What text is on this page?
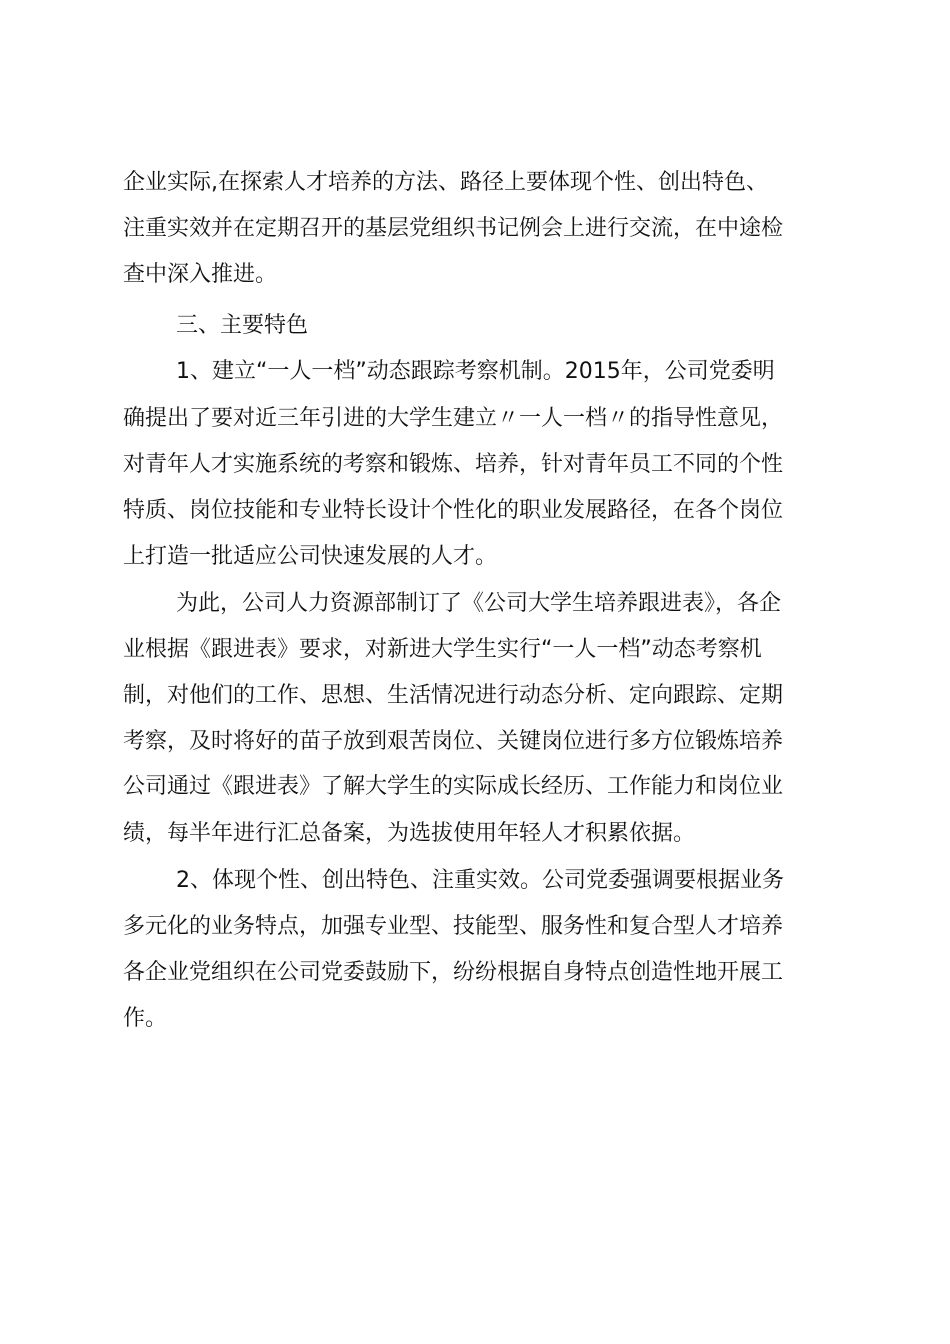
企业实际,在探索人才培养的方法、路径上要体现个性、创出特色、
注重实效并在定期召开的基层党组织书记例会上进行交流，在中途检
查中深入推进。
三、主要特色
1、建立“一人一档”动态跟踪考察机制。2015年，公司党委明
确提出了要对近三年引进的大学生建立〃一人一档〃的指导性意见，
对青年人才实施系统的考察和锻炼、培养，针对青年员工不同的个性
特质、岗位技能和专业特长设计个性化的职业发展路径，在各个岗位
上打造一批适应公司快速发展的人才。
为此，公司人力资源部制订了《公司大学生培养跟进表》，各企
业根据《跟进表》要求，对新进大学生实行“一人一档”动态考察机
制，对他们的工作、思想、生活情况进行动态分析、定向跟踪、定期
考察，及时将好的苗子放到艰苦岗位、关键岗位进行多方位锻炼培养
公司通过《跟进表》了解大学生的实际成长经历、工作能力和岗位业
绩，每半年进行汇总备案，为选拔使用年轻人才积累依据。
2、体现个性、创出特色、注重实效。公司党委强调要根据业务
多元化的业务特点，加强专业型、技能型、服务性和复合型人才培养
各企业党组织在公司党委鼓励下，纷纷根据自身特点创造性地开展工
作。
